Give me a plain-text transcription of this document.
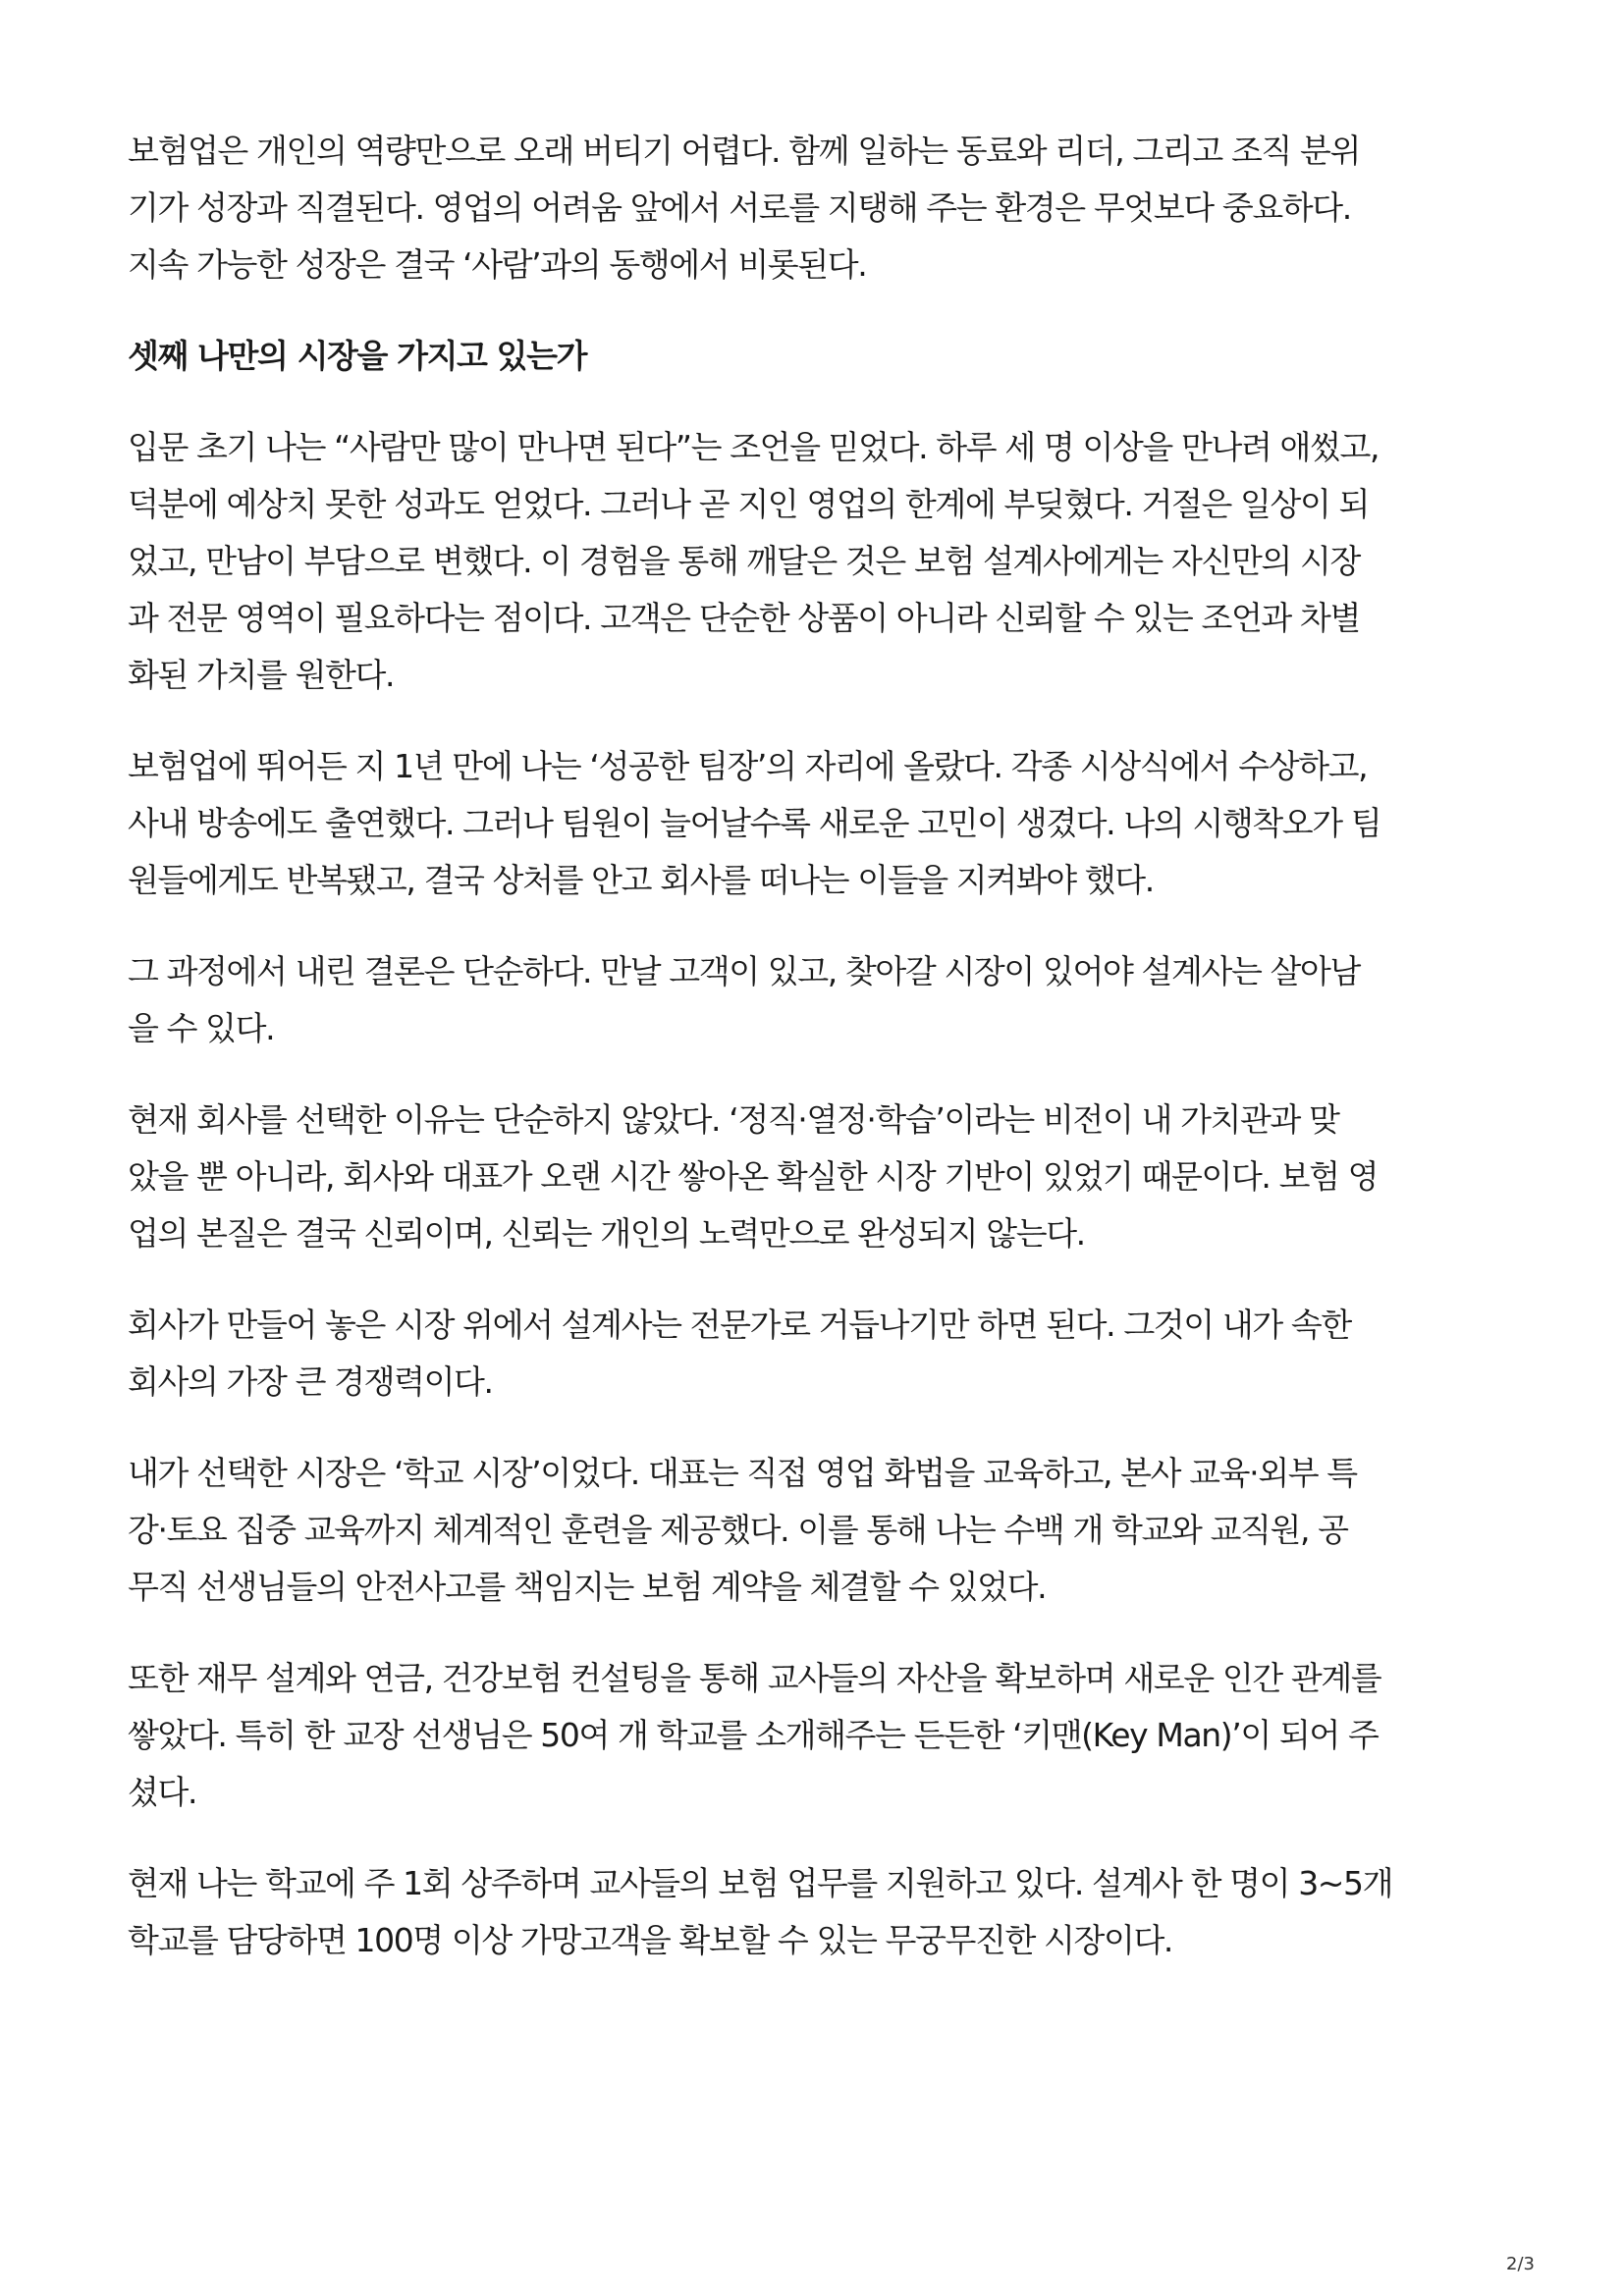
보험업은 개인의 역량만으로 오래 버티기 어렵다. 함께 일하는 동료와 리더, 그리고 조직 분위
기가 성장과 직결된다. 영업의 어려움 앞에서 서로를 지탱해 주는 환경은 무엇보다 중요하다.
지속 가능한 성장은 결국 ‘사람’과의 동행에서 비롯된다.
셋째 나만의 시장을 가지고 있는가
입문 초기 나는 “사람만 많이 만나면 된다”는 조언을 믿었다. 하루 세 명 이상을 만나려 애썼고,
덕분에 예상치 못한 성과도 얻었다. 그러나 곧 지인 영업의 한계에 부딪혔다. 거절은 일상이 되
었고, 만남이 부담으로 변했다. 이 경험을 통해 깨달은 것은 보험 설계사에게는 자신만의 시장
과 전문 영역이 필요하다는 점이다. 고객은 단순한 상품이 아니라 신뢰할 수 있는 조언과 차별
화된 가치를 원한다.
보험업에 뛰어든 지 1년 만에 나는 ‘성공한 팀장’의 자리에 올랐다. 각종 시상식에서 수상하고,
사내 방송에도 출연했다. 그러나 팀원이 늘어날수록 새로운 고민이 생겼다. 나의 시행착오가 팀
원들에게도 반복됐고, 결국 상처를 안고 회사를 떠나는 이들을 지켜봐야 했다.
그 과정에서 내린 결론은 단순하다. 만날 고객이 있고, 찾아갈 시장이 있어야 설계사는 살아남
을 수 있다.
현재 회사를 선택한 이유는 단순하지 않았다. ‘정직·열정·학습’이라는 비전이 내 가치관과 맞
았을 뿐 아니라, 회사와 대표가 오랜 시간 쌓아온 확실한 시장 기반이 있었기 때문이다. 보험 영
업의 본질은 결국 신뢰이며, 신뢰는 개인의 노력만으로 완성되지 않는다.
회사가 만들어 놓은 시장 위에서 설계사는 전문가로 거듭나기만 하면 된다. 그것이 내가 속한
회사의 가장 큰 경쟁력이다.
내가 선택한 시장은 ‘학교 시장’이었다. 대표는 직접 영업 화법을 교육하고, 본사 교육·외부 특
강·토요 집중 교육까지 체계적인 훈련을 제공했다. 이를 통해 나는 수백 개 학교와 교직원, 공
무직 선생님들의 안전사고를 책임지는 보험 계약을 체결할 수 있었다.
또한 재무 설계와 연금, 건강보험 컨설팅을 통해 교사들의 자산을 확보하며 새로운 인간 관계를
쌓았다. 특히 한 교장 선생님은 50여 개 학교를 소개해주는 든든한 ‘키맨(Key Man)’이 되어 주
셨다.
현재 나는 학교에 주 1회 상주하며 교사들의 보험 업무를 지원하고 있다. 설계사 한 명이 3~5개
학교를 담당하면 100명 이상 가망고객을 확보할 수 있는 무궁무진한 시장이다.
2/3
